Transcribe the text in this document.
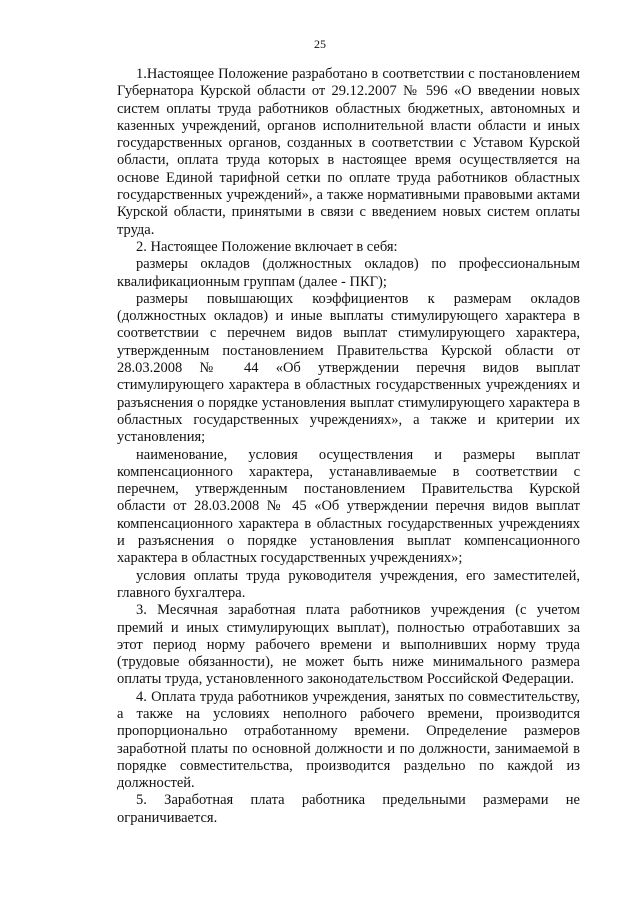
25

1.Настоящее Положение разработано в соответствии с постановлением Губернатора Курской области от 29.12.2007 № 596 «О введении новых систем оплаты труда работников областных бюджетных, автономных и казенных учреждений, органов исполнительной власти области и иных государственных органов, созданных в соответствии с Уставом Курской области, оплата труда которых в настоящее время осуществляется на основе Единой тарифной сетки по оплате труда работников областных государственных учреждений», а также нормативными правовыми актами Курской области, принятыми в связи с введением новых систем оплаты труда.

2. Настоящее Положение включает в себя:

размеры окладов (должностных окладов) по профессиональным квалификационным группам (далее - ПКГ);

размеры повышающих коэффициентов к размерам окладов (должностных окладов) и иные выплаты стимулирующего характера в соответствии с перечнем видов выплат стимулирующего характера, утвержденным постановлением Правительства Курской области от 28.03.2008 № 44 «Об утверждении перечня видов выплат стимулирующего характера в областных государственных учреждениях и разъяснения о порядке установления выплат стимулирующего характера в областных государственных учреждениях», а также и критерии их установления;

наименование, условия осуществления и размеры выплат компенсационного характера, устанавливаемые в соответствии с перечнем, утвержденным постановлением Правительства Курской области от 28.03.2008 № 45 «Об утверждении перечня видов выплат компенсационного характера в областных государственных учреждениях и разъяснения о порядке установления выплат компенсационного характера в областных государственных учреждениях»;

условия оплаты труда руководителя учреждения, его заместителей, главного бухгалтера.

3. Месячная заработная плата работников учреждения (с учетом премий и иных стимулирующих выплат), полностью отработавших за этот период норму рабочего времени и выполнивших норму труда (трудовые обязанности), не может быть ниже минимального размера оплаты труда, установленного законодательством Российской Федерации.

4. Оплата труда работников учреждения, занятых по совместительству, а также на условиях неполного рабочего времени, производится пропорционально отработанному времени. Определение размеров заработной платы по основной должности и по должности, занимаемой в порядке совместительства, производится раздельно по каждой из должностей.

5. Заработная плата работника предельными размерами не ограничивается.
